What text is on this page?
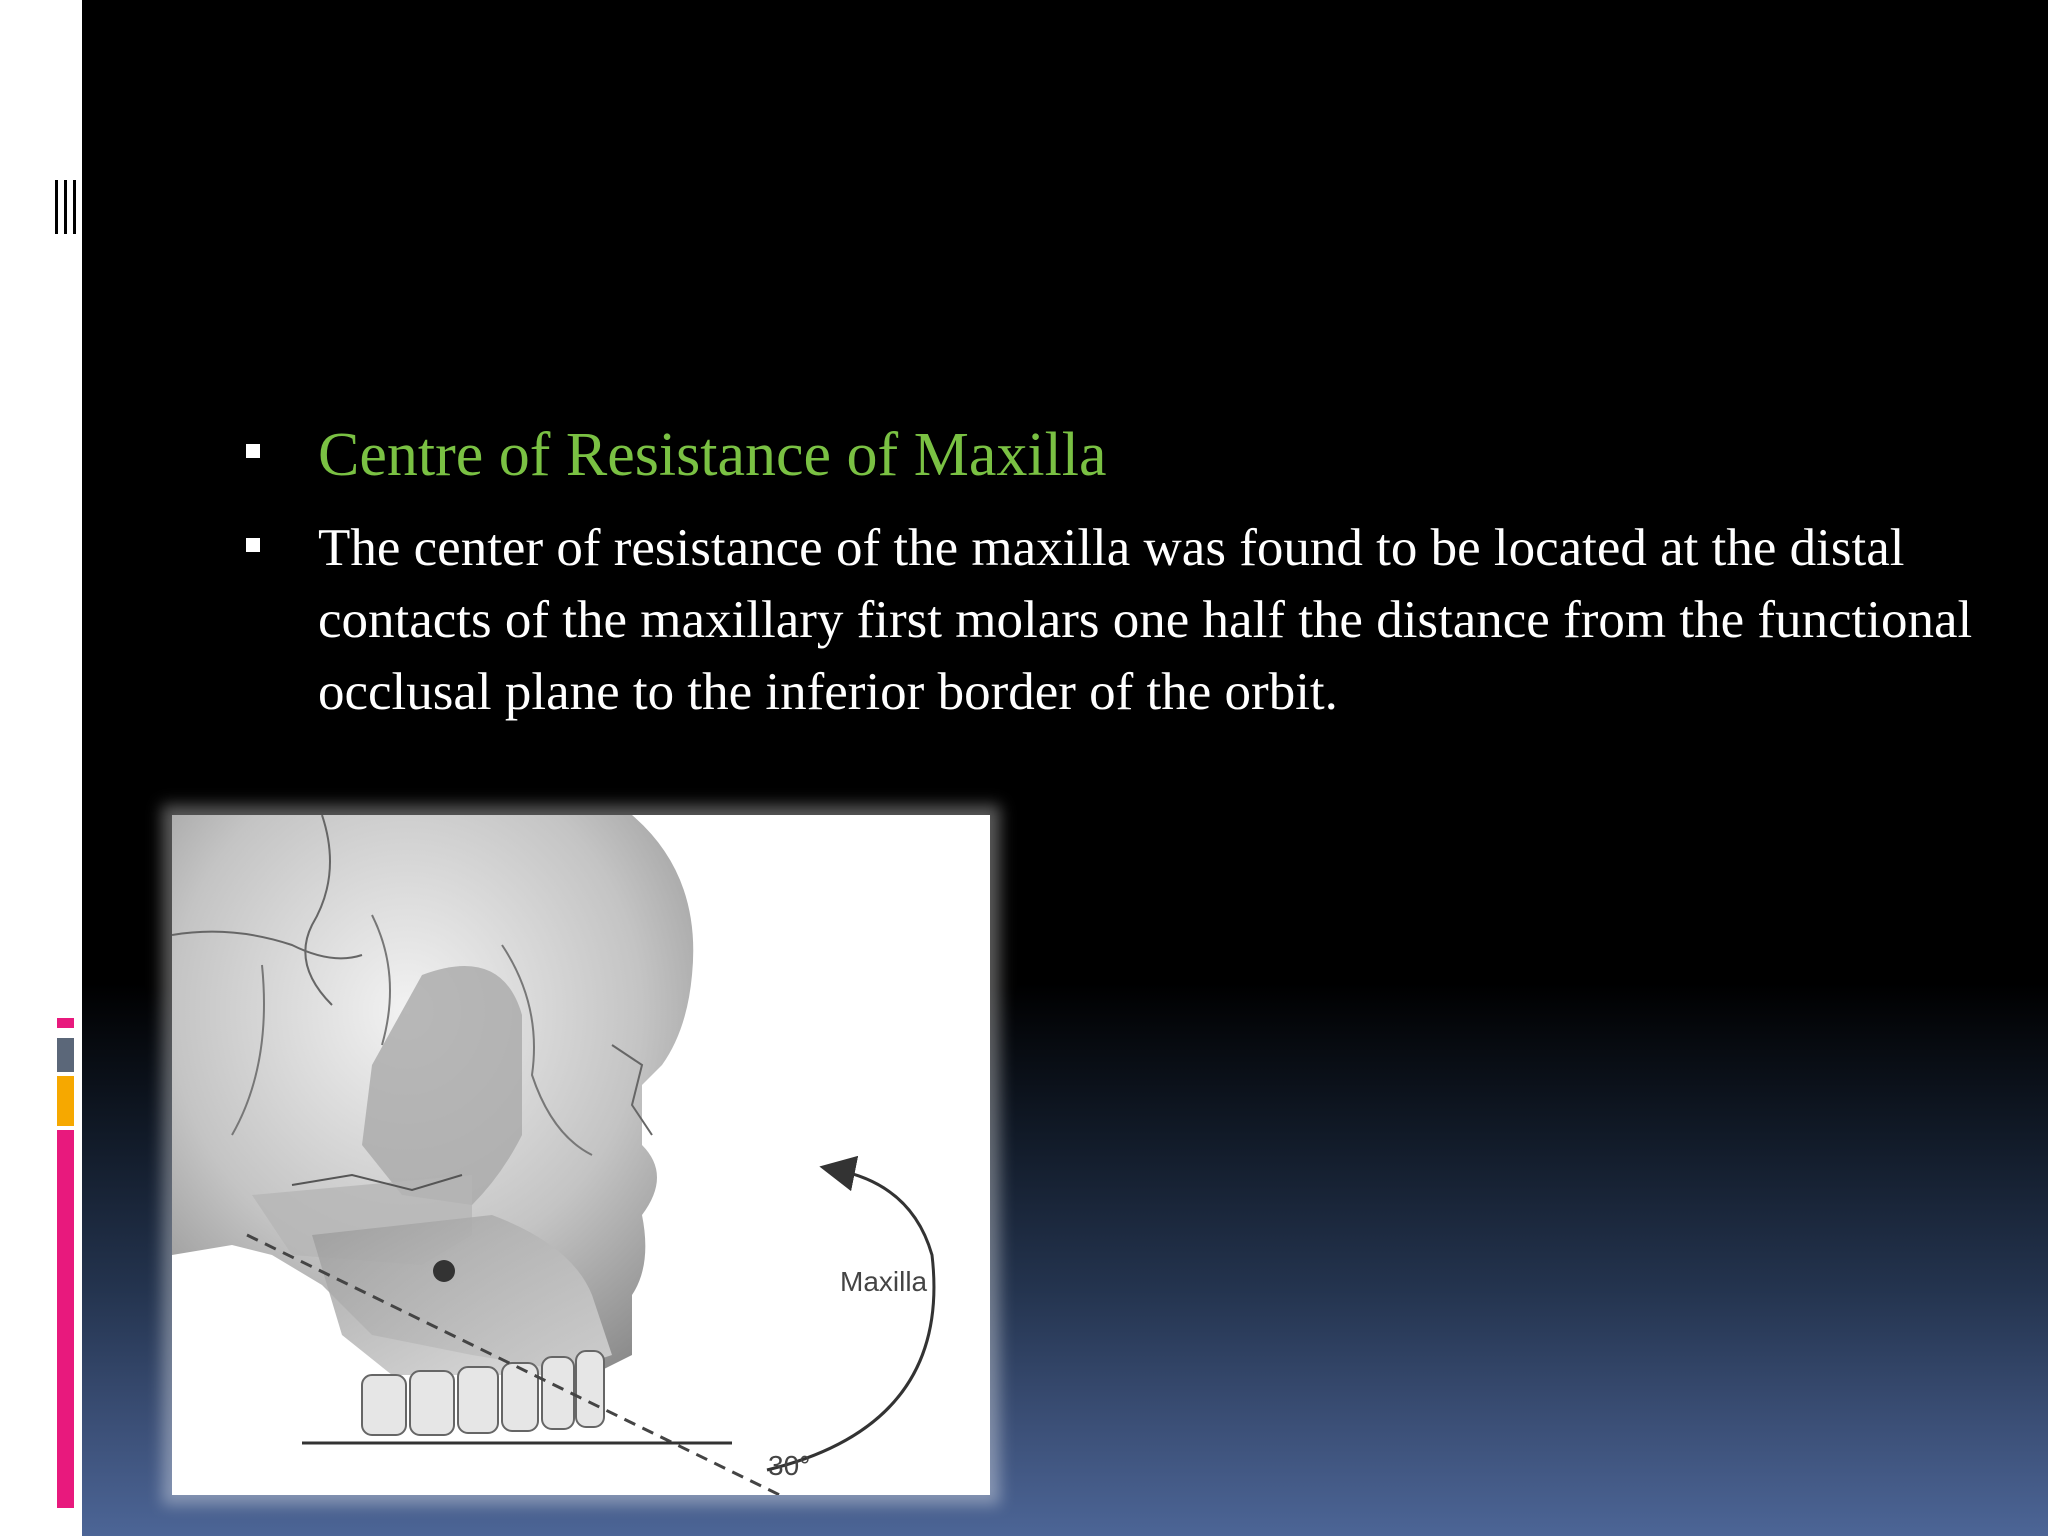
Centre of Resistance of Maxilla
The center of resistance of the maxilla was found to be located at the distal contacts of the maxillary first molars one half the distance from the functional occlusal plane to the inferior border of the orbit.
Maxilla
30°
